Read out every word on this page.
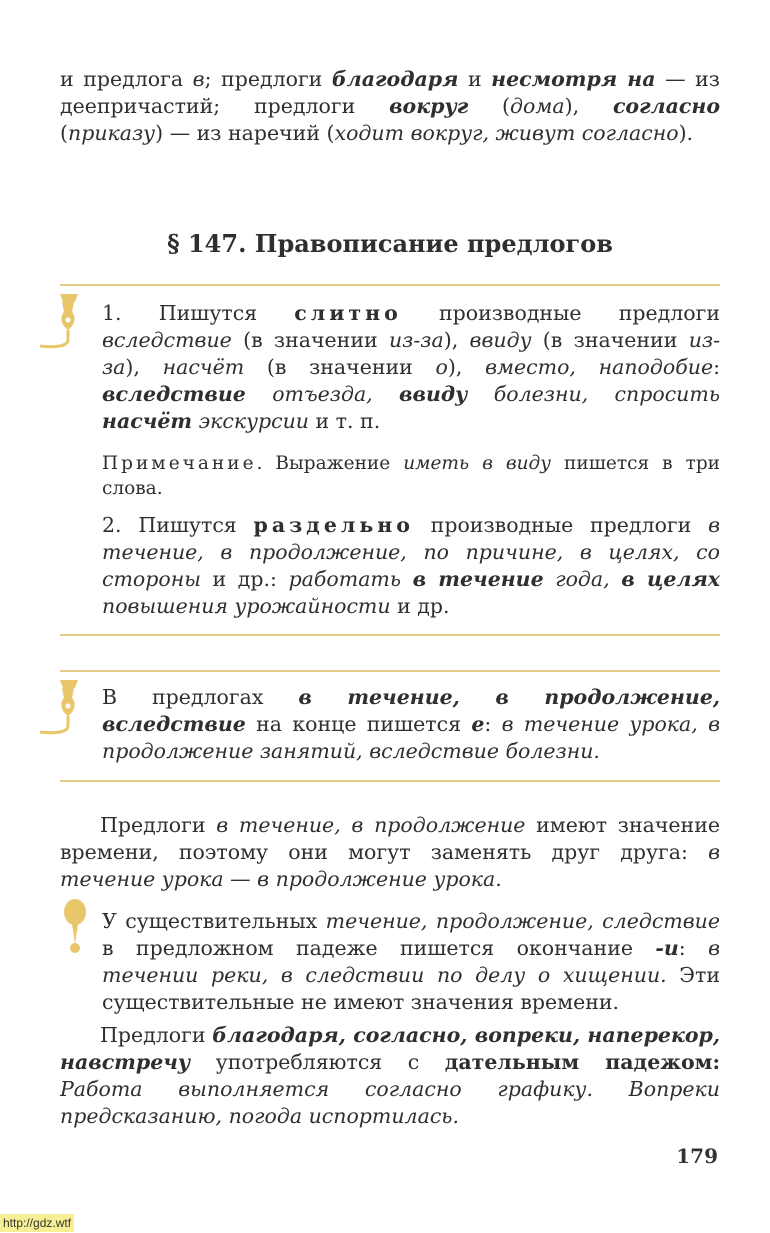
и предлога в; предлоги благодаря и несмотря на — из деепричастий; предлоги вокруг (дома), согласно (приказу) — из наречий (ходит вокруг, живут согласно).

§ 147. Правописание предлогов

1. Пишутся слитно производные предлоги вследствие (в значении из-за), ввиду (в значении из-за), насчёт (в значении о), вместо, наподобие: вследствие отъезда, ввиду болезни, спросить насчёт экскурсии и т. п.

Примечание. Выражение иметь в виду пишется в три слова.

2. Пишутся раздельно производные предлоги в течение, в продолжение, по причине, в целях, со стороны и др.: работать в течение года, в целях повышения урожайности и др.

В предлогах в течение, в продолжение, вследствие на конце пишется е: в течение урока, в продолжение занятий, вследствие болезни.

Предлоги в течение, в продолжение имеют значение времени, поэтому они могут заменять друг друга: в течение урока — в продолжение урока.

У существительных течение, продолжение, следствие в предложном падеже пишется окончание -и: в течении реки, в следствии по делу о хищении. Эти существительные не имеют значения времени.

Предлоги благодаря, согласно, вопреки, наперекор, навстречу употребляются с дательным падежом: Работа выполняется согласно графику. Вопреки предсказанию, погода испортилась.

179
http://gdz.wtf
